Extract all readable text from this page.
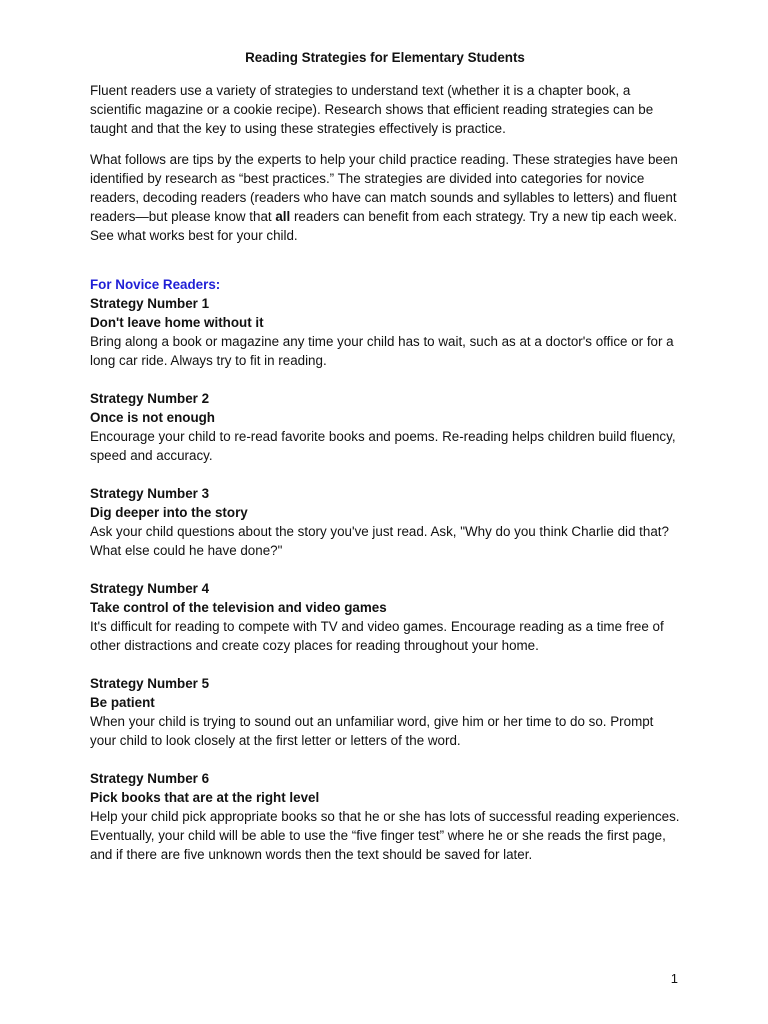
Reading Strategies for Elementary Students

Fluent readers use a variety of strategies to understand text (whether it is a chapter book, a scientific magazine or a cookie recipe). Research shows that efficient reading strategies can be taught and that the key to using these strategies effectively is practice.

What follows are tips by the experts to help your child practice reading. These strategies have been identified by research as “best practices.” The strategies are divided into categories for novice readers, decoding readers (readers who have can match sounds and syllables to letters) and fluent readers—but please know that all readers can benefit from each strategy. Try a new tip each week. See what works best for your child.

For Novice Readers:
Strategy Number 1
Don't leave home without it
Bring along a book or magazine any time your child has to wait, such as at a doctor's office or for a long car ride. Always try to fit in reading.
Strategy Number 2
Once is not enough
Encourage your child to re-read favorite books and poems. Re-reading helps children build fluency, speed and accuracy.
Strategy Number 3
Dig deeper into the story
Ask your child questions about the story you've just read. Ask, "Why do you think Charlie did that? What else could he have done?"
Strategy Number 4
Take control of the television and video games
It's difficult for reading to compete with TV and video games. Encourage reading as a time free of other distractions and create cozy places for reading throughout your home.
Strategy Number 5
Be patient
When your child is trying to sound out an unfamiliar word, give him or her time to do so. Prompt your child to look closely at the first letter or letters of the word.
Strategy Number 6
Pick books that are at the right level
Help your child pick appropriate books so that he or she has lots of successful reading experiences. Eventually, your child will be able to use the “five finger test” where he or she reads the first page, and if there are five unknown words then the text should be saved for later.
1
